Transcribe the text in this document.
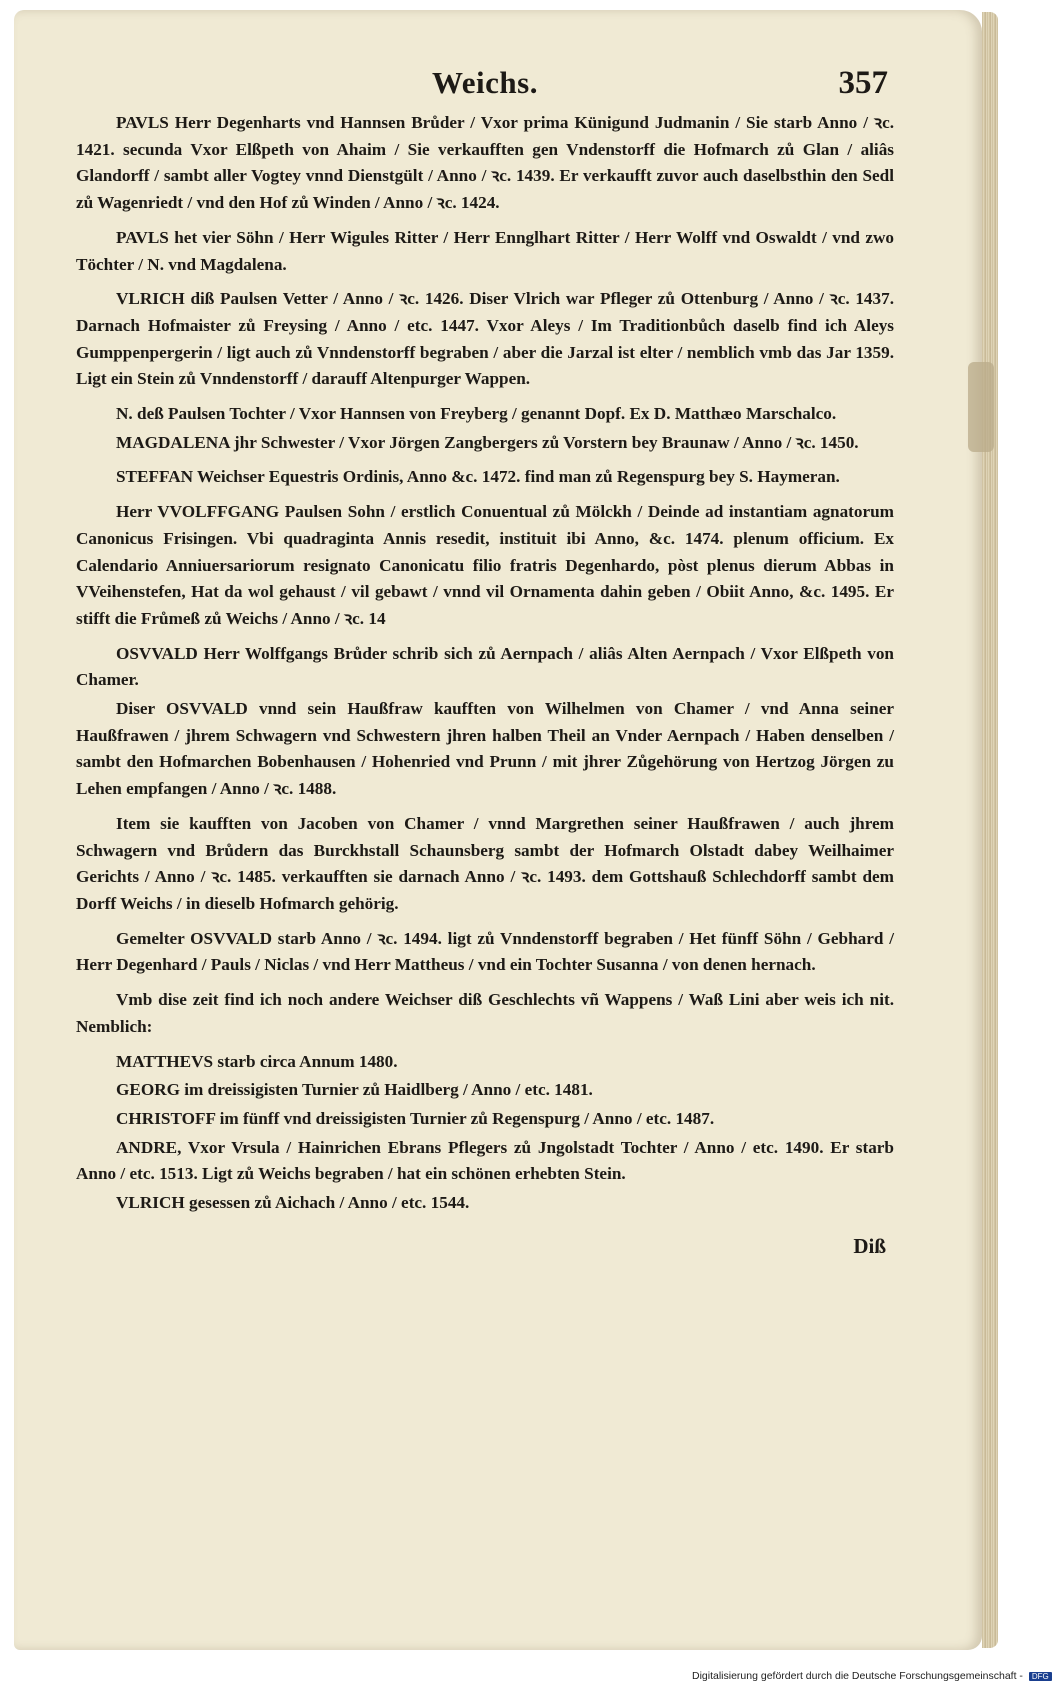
Weichs.	357

PAVLS Herr Degenharts vnd Hannsen Brůder / Vxor prima Künigund Judmanin / Sie starb Anno / ꝛc. 1421. secunda Vxor Elßpeth von Ahaim / Sie verkaufften gen Vndenstorff die Hofmarch zů Glan / aliâs Glandorff / sambt aller Vogtey vnnd Dienstgült / Anno / ꝛc. 1439. Er verkaufft zuvor auch daselbsthin den Sedl zů Wagenriedt / vnd den Hof zů Winden / Anno / ꝛc. 1424.

PAVLS het vier Söhn / Herr Wigules Ritter / Herr Ennglhart Ritter / Herr Wolff vnd Oswaldt / vnd zwo Töchter / N. vnd Magdalena.

VLRICH diß Paulsen Vetter / Anno / ꝛc. 1426. Diser Vlrich war Pfleger zů Ottenburg / Anno / ꝛc. 1437. Darnach Hofmaister zů Freysing / Anno / etc. 1447. Vxor Aleys / Im Traditionbůch daselb find ich Aleys Gumppenpergerin / ligt auch zů Vnndenstorff begraben / aber die Jarzal ist elter / nemblich vmb das Jar 1359. Ligt ein Stein zů Vnndenstorff / darauff Altenpurger Wappen.

N. deß Paulsen Tochter / Vxor Hannsen von Freyberg / genannt Dopf. Ex D. Matthæo Marschalco.

MAGDALENA jhr Schwester / Vxor Jörgen Zangbergers zů Vorstern bey Braunaw / Anno / ꝛc. 1450.

STEFFAN Weichser Equestris Ordinis, Anno &c. 1472. find man zů Regenspurg bey S. Haymeran.

Herr VVOLFFGANG Paulsen Sohn / erstlich Conuentual zů Mölckh / Deinde ad instantiam agnatorum Canonicus Frisingen. Vbi quadraginta Annis resedit, instituit ibi Anno, &c. 1474. plenum officium. Ex Calendario Anniuersariorum resignato Canonicatu filio fratris Degenhardo, pòst plenus dierum Abbas in VVeihenstefen, Hat da wol gehaust / vil gebawt / vnnd vil Ornamenta dahin geben / Obiit Anno, &c. 1495. Er stifft die Frůmeß zů Weichs / Anno / ꝛc. 14

OSVVALD Herr Wolffgangs Brůder schrib sich zů Aernpach / aliâs Alten Aernpach / Vxor Elßpeth von Chamer.

Diser OSVVALD vnnd sein Haußfraw kaufften von Wilhelmen von Chamer / vnd Anna seiner Haußfrawen / jhrem Schwagern vnd Schwestern jhren halben Theil an Vnder Aernpach / Haben denselben / sambt den Hofmarchen Bobenhausen / Hohenried vnd Prunn / mit jhrer Zůgehörung von Hertzog Jörgen zu Lehen empfangen / Anno / ꝛc. 1488.

Item sie kaufften von Jacoben von Chamer / vnnd Margrethen seiner Haußfrawen / auch jhrem Schwagern vnd Brůdern das Burckhstall Schaunsberg sambt der Hofmarch Olstadt dabey Weilhaimer Gerichts / Anno / ꝛc. 1485. verkaufften sie darnach Anno / ꝛc. 1493. dem Gottshauß Schlechdorff sambt dem Dorff Weichs / in dieselb Hofmarch gehörig.

Gemelter OSVVALD starb Anno / ꝛc. 1494. ligt zů Vnndenstorff begraben / Het fünff Söhn / Gebhard / Herr Degenhard / Pauls / Niclas / vnd Herr Mattheus / vnd ein Tochter Susanna / von denen hernach.

Vmb dise zeit find ich noch andere Weichser diß Geschlechts vñ Wappens / Waß Lini aber weis ich nit. Nemblich:

MATTHEVS starb circa Annum 1480.

GEORG im dreissigisten Turnier zů Haidlberg / Anno / etc. 1481.

CHRISTOFF im fünff vnd dreissigisten Turnier zů Regenspurg / Anno / etc. 1487.

ANDRE, Vxor Vrsula / Hainrichen Ebrans Pflegers zů Jngolstadt Tochter / Anno / etc. 1490. Er starb Anno / etc. 1513. Ligt zů Weichs begraben / hat ein schönen erhebten Stein.

VLRICH gesessen zů Aichach / Anno / etc. 1544.

Diß
Digitalisierung gefördert durch die Deutsche Forschungsgemeinschaft - DFG
